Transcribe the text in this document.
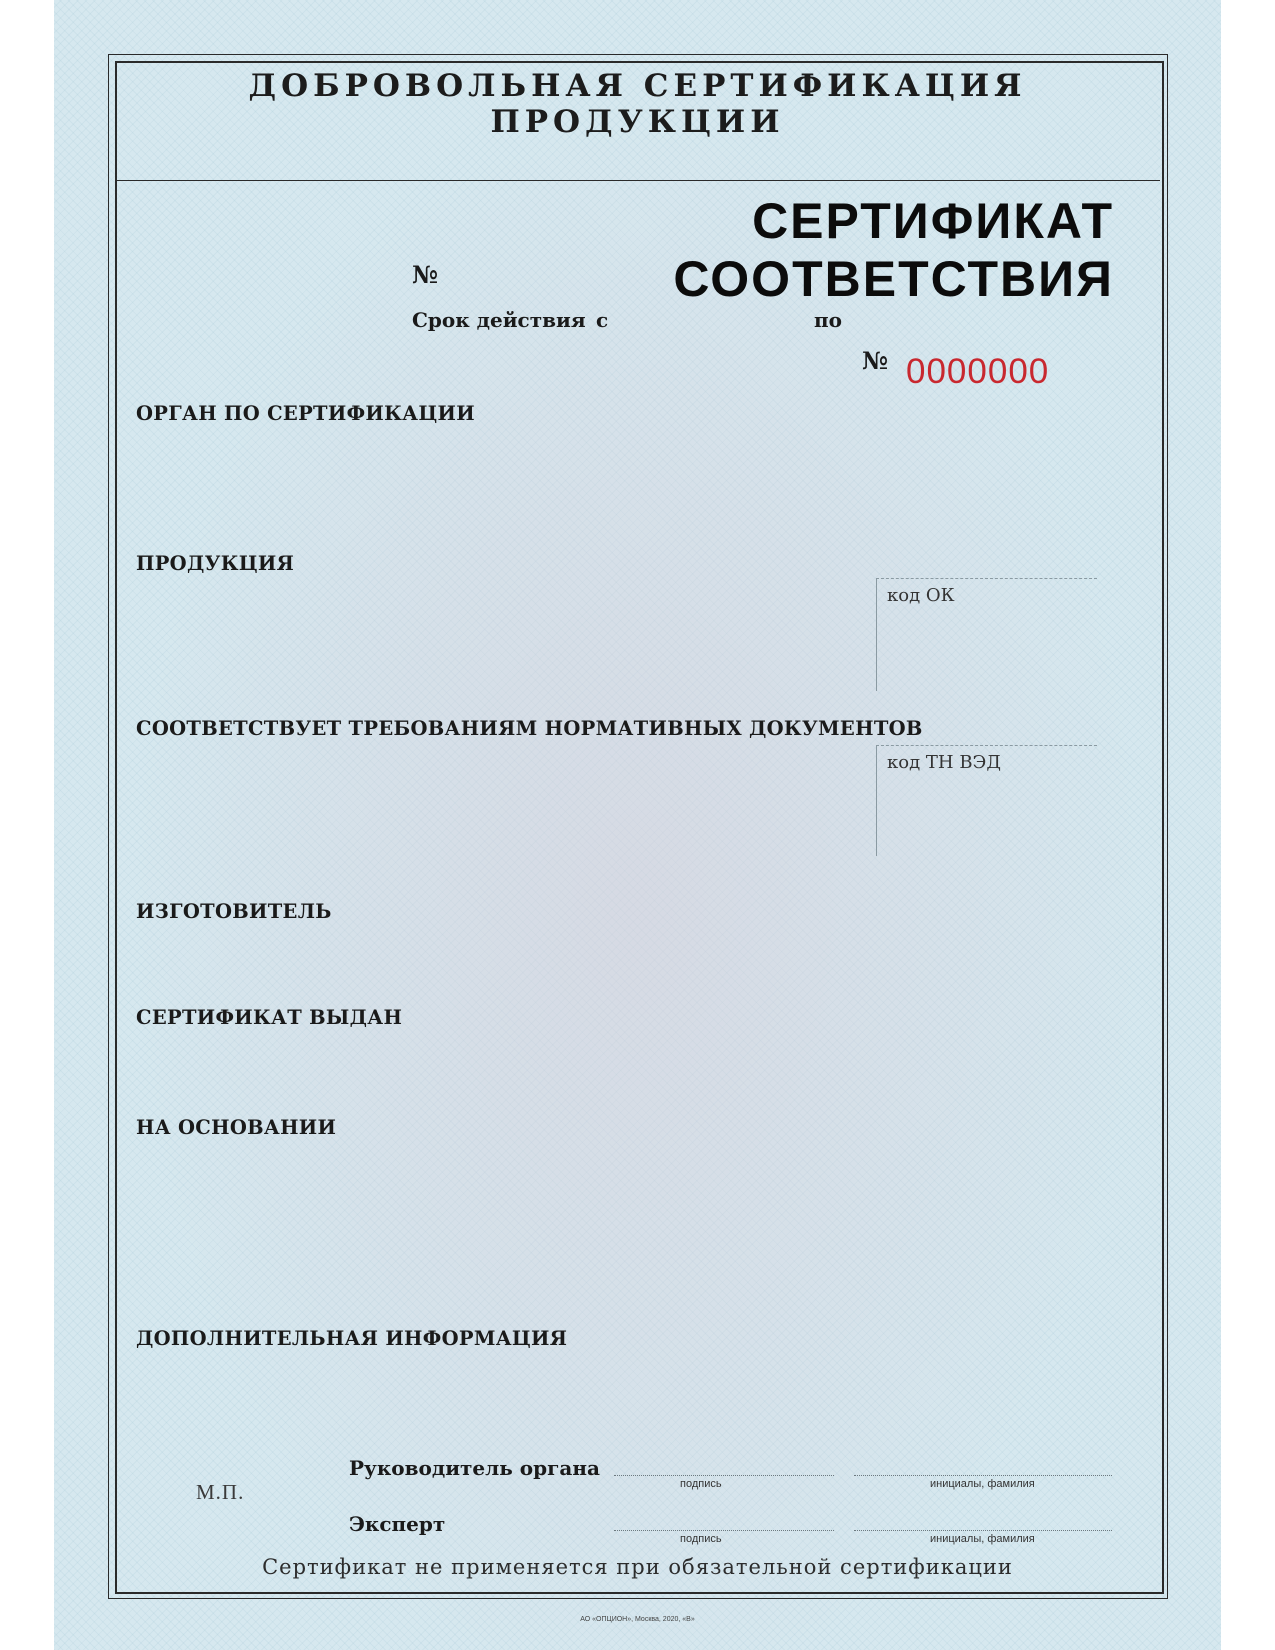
ДОБРОВОЛЬНАЯ СЕРТИФИКАЦИЯ ПРОДУКЦИИ
СЕРТИФИКАТ СООТВЕТСТВИЯ
№
Срок действия с	по
№ 0000000
ОРГАН ПО СЕРТИФИКАЦИИ
ПРОДУКЦИЯ
СООТВЕТСТВУЕТ ТРЕБОВАНИЯМ НОРМАТИВНЫХ ДОКУМЕНТОВ
ИЗГОТОВИТЕЛЬ
СЕРТИФИКАТ ВЫДАН
НА ОСНОВАНИИ
ДОПОЛНИТЕЛЬНАЯ ИНФОРМАЦИЯ
код ОК
код ТН ВЭД
М.П.
Руководитель органа
подпись	инициалы, фамилия
Эксперт
подпись	инициалы, фамилия
Сертификат не применяется при обязательной сертификации
АО «ОПЦИОН», Москва, 2020, «В»
